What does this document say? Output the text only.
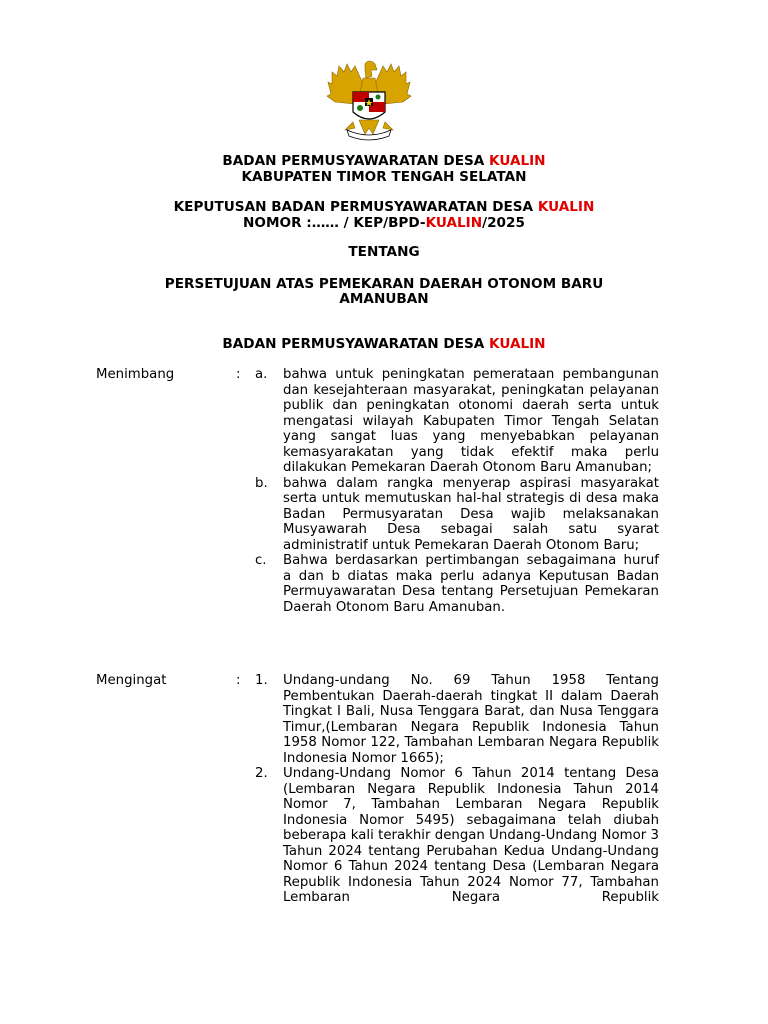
BADAN PERMUSYAWARATAN DESA KUALIN
KABUPATEN TIMOR TENGAH SELATAN
KEPUTUSAN BADAN PERMUSYAWARATAN DESA KUALIN
NOMOR :…… / KEP/BPD-KUALIN/2025
TENTANG
PERSETUJUAN ATAS PEMEKARAN DAERAH OTONOM BARU
AMANUBAN
BADAN PERMUSYAWARATAN DESA KUALIN
Menimbang	: a. bahwa untuk peningkatan pemerataan pembangunan dan kesejahteraan masyarakat, peningkatan pelayanan publik dan peningkatan otonomi daerah serta untuk mengatasi wilayah Kabupaten Timor Tengah Selatan yang sangat luas yang menyebabkan pelayanan kemasyarakatan yang tidak efektif maka perlu dilakukan Pemekaran Daerah Otonom Baru Amanuban;
b. bahwa dalam rangka menyerap aspirasi masyarakat serta untuk memutuskan hal-hal strategis di desa maka Badan Permusyaratan Desa wajib melaksanakan Musyawarah Desa sebagai salah satu syarat administratif untuk Pemekaran Daerah Otonom Baru;
c.	Bahwa berdasarkan pertimbangan sebagaimana huruf a dan b diatas maka perlu adanya Keputusan Badan Permuyawaratan Desa tentang Persetujuan Pemekaran Daerah Otonom Baru Amanuban.
Mengingat	: 1. Undang-undang No. 69 Tahun 1958 Tentang Pembentukan Daerah-daerah tingkat II dalam Daerah Tingkat I Bali, Nusa Tenggara Barat, dan Nusa Tenggara Timur,(Lembaran Negara Republik Indonesia Tahun 1958 Nomor 122, Tambahan Lembaran Negara Republik Indonesia Nomor 1665);
2. Undang-Undang Nomor 6 Tahun 2014 tentang Desa (Lembaran Negara Republik Indonesia Tahun 2014 Nomor 7, Tambahan Lembaran Negara Republik Indonesia Nomor 5495) sebagaimana telah diubah beberapa kali terakhir dengan Undang-Undang Nomor 3 Tahun 2024 tentang Perubahan Kedua Undang-Undang Nomor 6 Tahun 2024 tentang Desa (Lembaran Negara Republik Indonesia Tahun 2024 Nomor 77, Tambahan Lembaran Negara Republik
